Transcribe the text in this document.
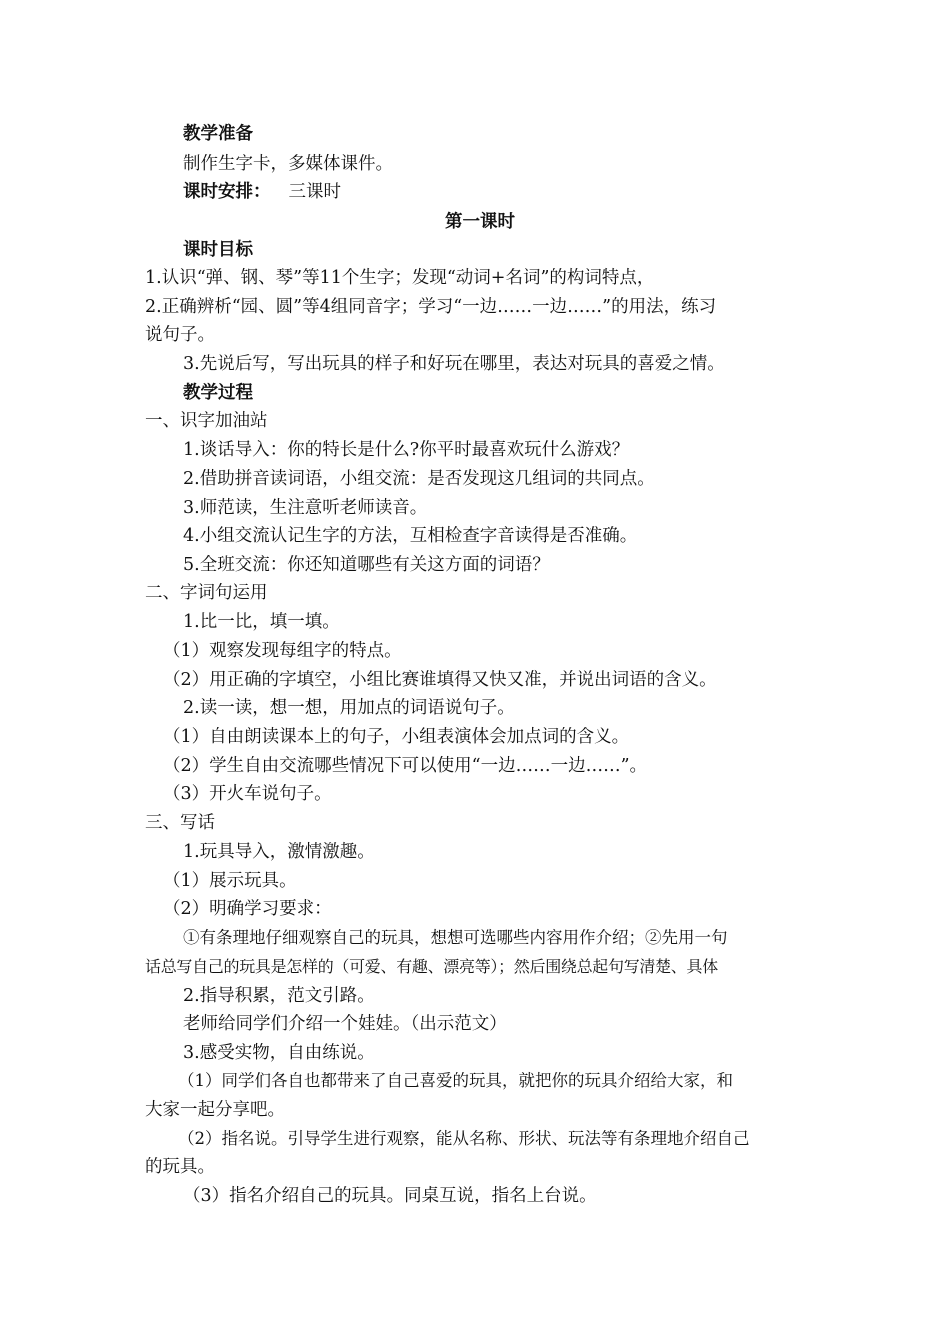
教学准备
制作生字卡，多媒体课件。
课时安排： 三课时
第一课时
课时目标
1.认识“弹、钢、琴”等11个生字；发现“动词+名词”的构词特点，
2.正确辨析“园、圆”等4组同音字；学习“一边……一边……”的用法，练习
说句子。
3.先说后写，写出玩具的样子和好玩在哪里，表达对玩具的喜爱之情。
教学过程
一、识字加油站
1.谈话导入：你的特长是什么?你平时最喜欢玩什么游戏？
2.借助拼音读词语，小组交流：是否发现这几组词的共同点。
3.师范读，生注意听老师读音。
4.小组交流认记生字的方法，互相检查字音读得是否准确。
5.全班交流：你还知道哪些有关这方面的词语？
二、字词句运用
1.比一比，填一填。
（1）观察发现每组字的特点。
（2）用正确的字填空，小组比赛谁填得又快又准，并说出词语的含义。
2.读一读，想一想，用加点的词语说句子。
（1）自由朗读课本上的句子，小组表演体会加点词的含义。
（2）学生自由交流哪些情况下可以使用“一边……一边……”。
（3）开火车说句子。
三、写话
1.玩具导入，激情激趣。
（1）展示玩具。
（2）明确学习要求：
①有条理地仔细观察自己的玩具，想想可选哪些内容用作介绍；②先用一句
话总写自己的玩具是怎样的（可爱、有趣、漂亮等）；然后围绕总起句写清楚、具体
2.指导积累，范文引路。
老师给同学们介绍一个娃娃。（出示范文）
3.感受实物，自由练说。
（1）同学们各自也都带来了自己喜爱的玩具，就把你的玩具介绍给大家，和
大家一起分享吧。
（2）指名说。引导学生进行观察，能从名称、形状、玩法等有条理地介绍自己
的玩具。
（3）指名介绍自己的玩具。同桌互说，指名上台说。
